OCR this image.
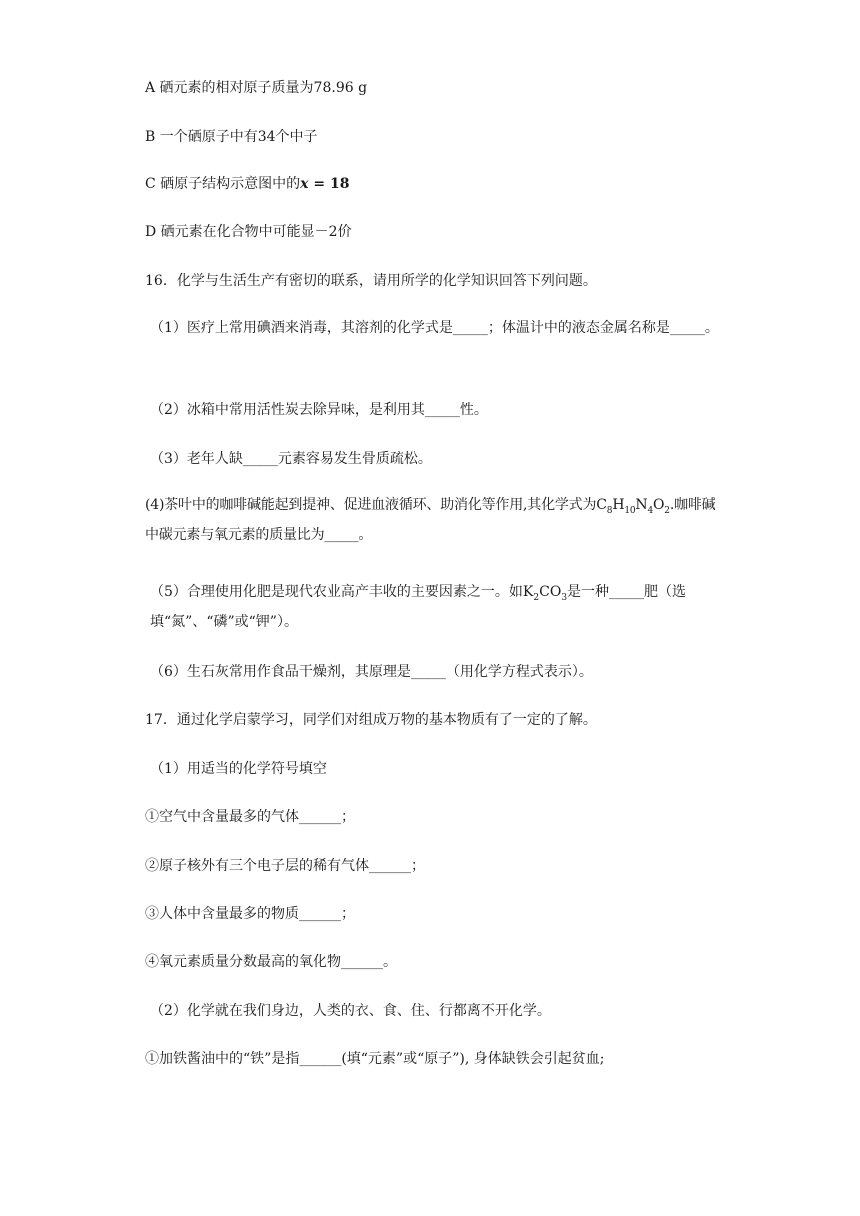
A 硒元素的相对原子质量为78.96 g
B 一个硒原子中有34个中子
C 硒原子结构示意图中的x = 18
D 硒元素在化合物中可能显－2价
16．化学与生活生产有密切的联系，请用所学的化学知识回答下列问题。
（1）医疗上常用碘酒来消毒，其溶剂的化学式是_____；体温计中的液态金属名称是_____。
（2）冰箱中常用活性炭去除异味，是利用其_____性。
（3）老年人缺_____元素容易发生骨质疏松。
(4)茶叶中的咖啡碱能起到提神、促进血液循环、助消化等作用,其化学式为$C_8H_{10}N_4O_2$.咖啡碱中碳元素与氧元素的质量比为_____。
（5）合理使用化肥是现代农业高产丰收的主要因素之一。如$K_2CO_3$是一种_____肥（选填“氮”、“磷”或“钾”）。
（6）生石灰常用作食品干燥剂，其原理是_____（用化学方程式表示）。
17．通过化学启蒙学习，同学们对组成万物的基本物质有了一定的了解。
（1）用适当的化学符号填空
①空气中含量最多的气体______；
②原子核外有三个电子层的稀有气体______；
③人体中含量最多的物质______；
④氧元素质量分数最高的氧化物______。
（2）化学就在我们身边，人类的衣、食、住、行都离不开化学。
①加铁酱油中的“铁”是指______(填“元素”或“原子”), 身体缺铁会引起贫血;
